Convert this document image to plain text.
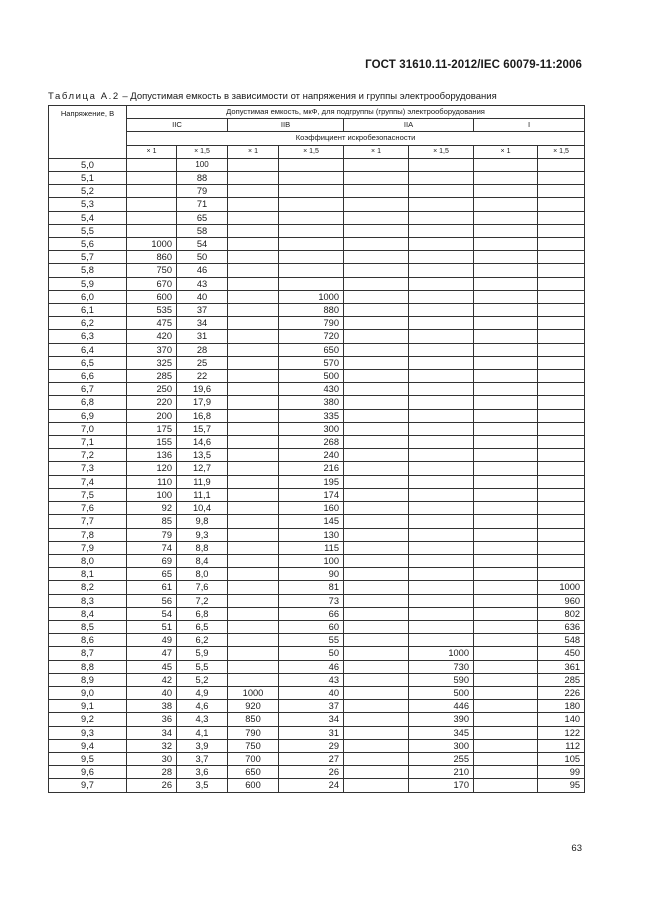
ГОСТ 31610.11-2012/IEC 60079-11:2006
Таблица А.2 – Допустимая емкость в зависимости от напряжения и группы электрооборудования
Напряжение, В	Допустимая емкость, мкФ, для подгруппы (группы) электрооборудования							
	IIC		IIB		IIA		I	
	Коэффициент искробезопасности							
	× 1	× 1,5	× 1	× 1,5	× 1	× 1,5	× 1	× 1,5
5,0		100						
5,1		88						
5,2		79						
5,3		71						
5,4		65						
5,5		58						
5,6	1000	54						
5,7	860	50						
5,8	750	46						
5,9	670	43						
6,0	600	40		1000				
6,1	535	37		880				
6,2	475	34		790				
6,3	420	31		720				
6,4	370	28		650				
6,5	325	25		570				
6,6	285	22		500				
6,7	250	19,6		430				
6,8	220	17,9		380				
6,9	200	16,8		335				
7,0	175	15,7		300				
7,1	155	14,6		268				
7,2	136	13,5		240				
7,3	120	12,7		216				
7,4	110	11,9		195				
7,5	100	11,1		174				
7,6	92	10,4		160				
7,7	85	9,8		145				
7,8	79	9,3		130				
7,9	74	8,8		115				
8,0	69	8,4		100				
8,1	65	8,0		90				
8,2	61	7,6		81				1000
8,3	56	7,2		73				960
8,4	54	6,8		66				802
8,5	51	6,5		60				636
8,6	49	6,2		55				548
8,7	47	5,9		50		1000		450
8,8	45	5,5		46		730		361
8,9	42	5,2		43		590		285
9,0	40	4,9	1000	40		500		226
9,1	38	4,6	920	37		446		180
9,2	36	4,3	850	34		390		140
9,3	34	4,1	790	31		345		122
9,4	32	3,9	750	29		300		112
9,5	30	3,7	700	27		255		105
9,6	28	3,6	650	26		210		99
9,7	26	3,5	600	24		170		95
63
